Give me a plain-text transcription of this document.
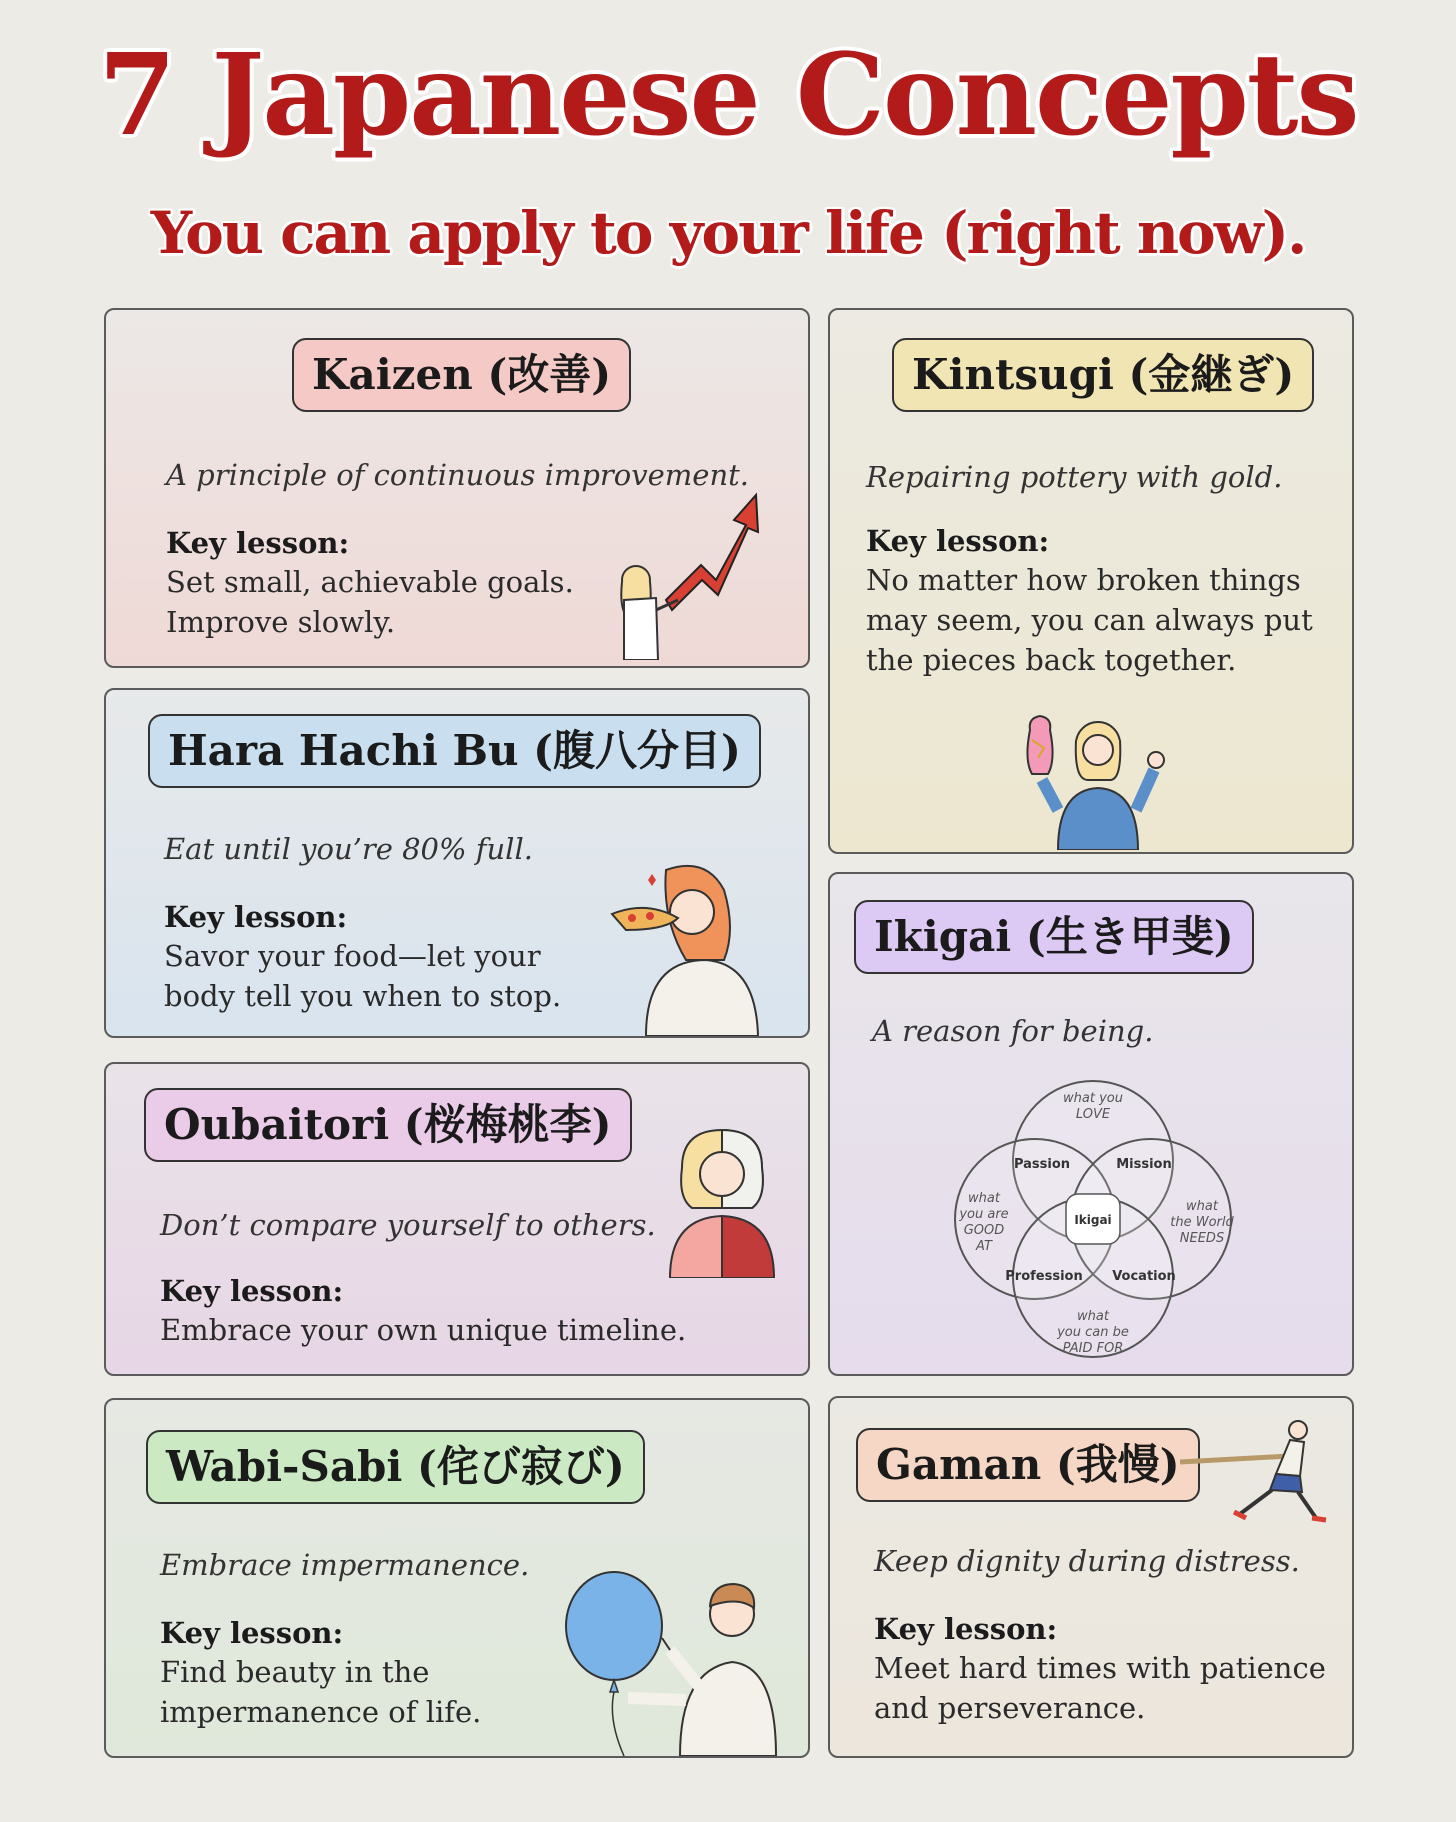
7 Japanese Concepts
You can apply to your life (right now).
Kaizen (改善)
A principle of continuous improvement.
Key lesson:
Set small, achievable goals.
Improve slowly.
Kintsugi (金継ぎ)
Repairing pottery with gold.
Key lesson:
No matter how broken things
may seem, you can always put
the pieces back together.
Hara Hachi Bu (腹八分目)
Eat until you’re 80% full.
Key lesson:
Savor your food—let your
body tell you when to stop.
Ikigai (生き甲斐)
A reason for being.
what you
LOVE
what
you are
GOOD
AT
what
the World
NEEDS
what
you can be
PAID FOR
Passion	Mission
Profession Vocation
Ikigai
Oubaitori (桜梅桃李)
Don’t compare yourself to others.
Key lesson:
Embrace your own unique timeline.
Wabi-Sabi (侘び寂び)
Embrace impermanence.
Key lesson:
Find beauty in the
impermanence of life.
Gaman (我慢)
Keep dignity during distress.
Key lesson:
Meet hard times with patience
and perseverance.
